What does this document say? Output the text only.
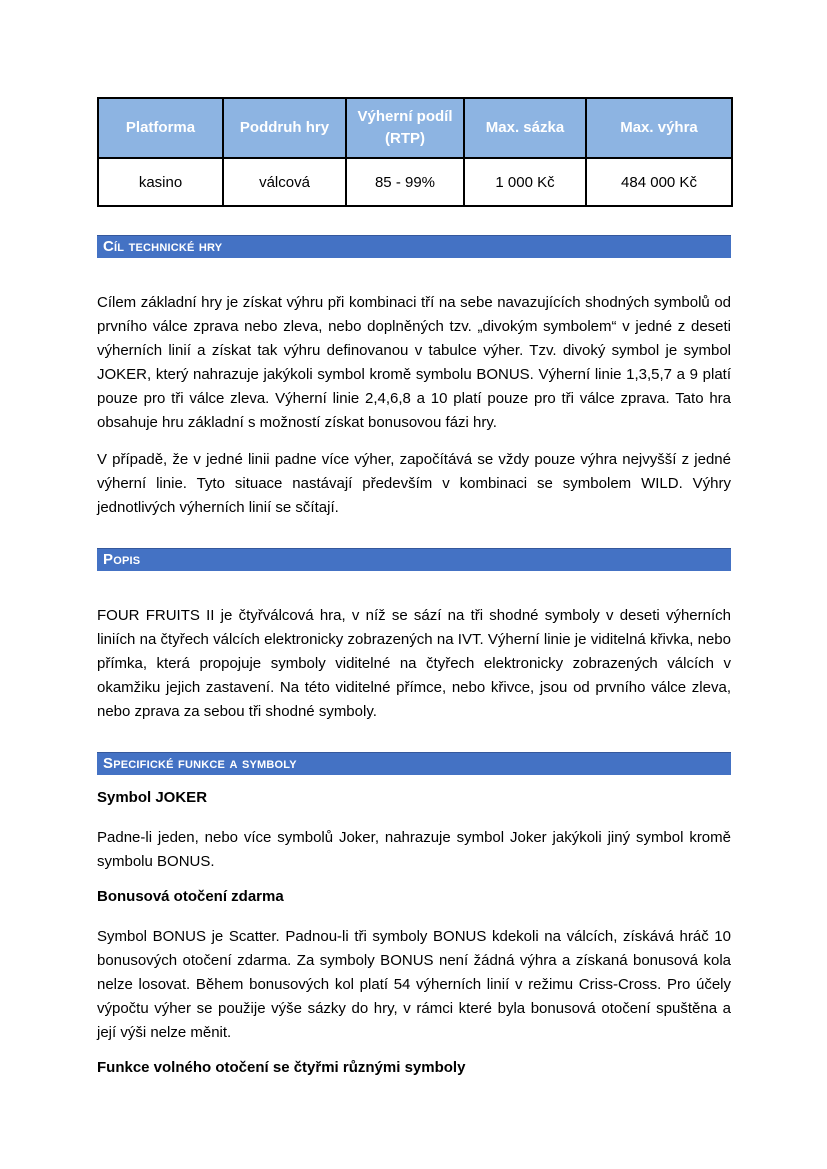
Platforma	Poddruh hry	Výherní podíl (RTP)	Max. sázka	Max. výhra
kasino	válcová	85 - 99%	1 000 Kč	484 000 Kč
Cíl technické hry

Cílem základní hry je získat výhru při kombinaci tří na sebe navazujících shodných symbolů od prvního válce zprava nebo zleva, nebo doplněných tzv. „divokým symbolem“ v jedné z deseti výherních linií a získat tak výhru definovanou v tabulce výher. Tzv. divoký symbol je symbol JOKER, který nahrazuje jakýkoli symbol kromě symbolu BONUS. Výherní linie 1,3,5,7 a 9 platí pouze pro tři válce zleva. Výherní linie 2,4,6,8 a 10 platí pouze pro tři válce zprava. Tato hra obsahuje hru základní s možností získat bonusovou fázi hry.

V případě, že v jedné linii padne více výher, započítává se vždy pouze výhra nejvyšší z jedné výherní linie. Tyto situace nastávají především v kombinaci se symbolem WILD. Výhry jednotlivých výherních linií se sčítají.

Popis

FOUR FRUITS II je čtyřválcová hra, v níž se sází na tři shodné symboly v deseti výherních liniích na čtyřech válcích elektronicky zobrazených na IVT. Výherní linie je viditelná křivka, nebo přímka, která propojuje symboly viditelné na čtyřech elektronicky zobrazených válcích v okamžiku jejich zastavení. Na této viditelné přímce, nebo křivce, jsou od prvního válce zleva, nebo zprava za sebou tři shodné symboly.

Specifické funkce a symboly
Symbol JOKER

Padne-li jeden, nebo více symbolů Joker, nahrazuje symbol Joker jakýkoli jiný symbol kromě symbolu BONUS.

Bonusová otočení zdarma

Symbol BONUS je Scatter. Padnou-li tři symboly BONUS kdekoli na válcích, získává hráč 10 bonusových otočení zdarma. Za symboly BONUS není žádná výhra a získaná bonusová kola nelze losovat. Během bonusových kol platí 54 výherních linií v režimu Criss-Cross. Pro účely výpočtu výher se použije výše sázky do hry, v rámci které byla bonusová otočení spuštěna a její výši nelze měnit.

Funkce volného otočení se čtyřmi různými symboly
